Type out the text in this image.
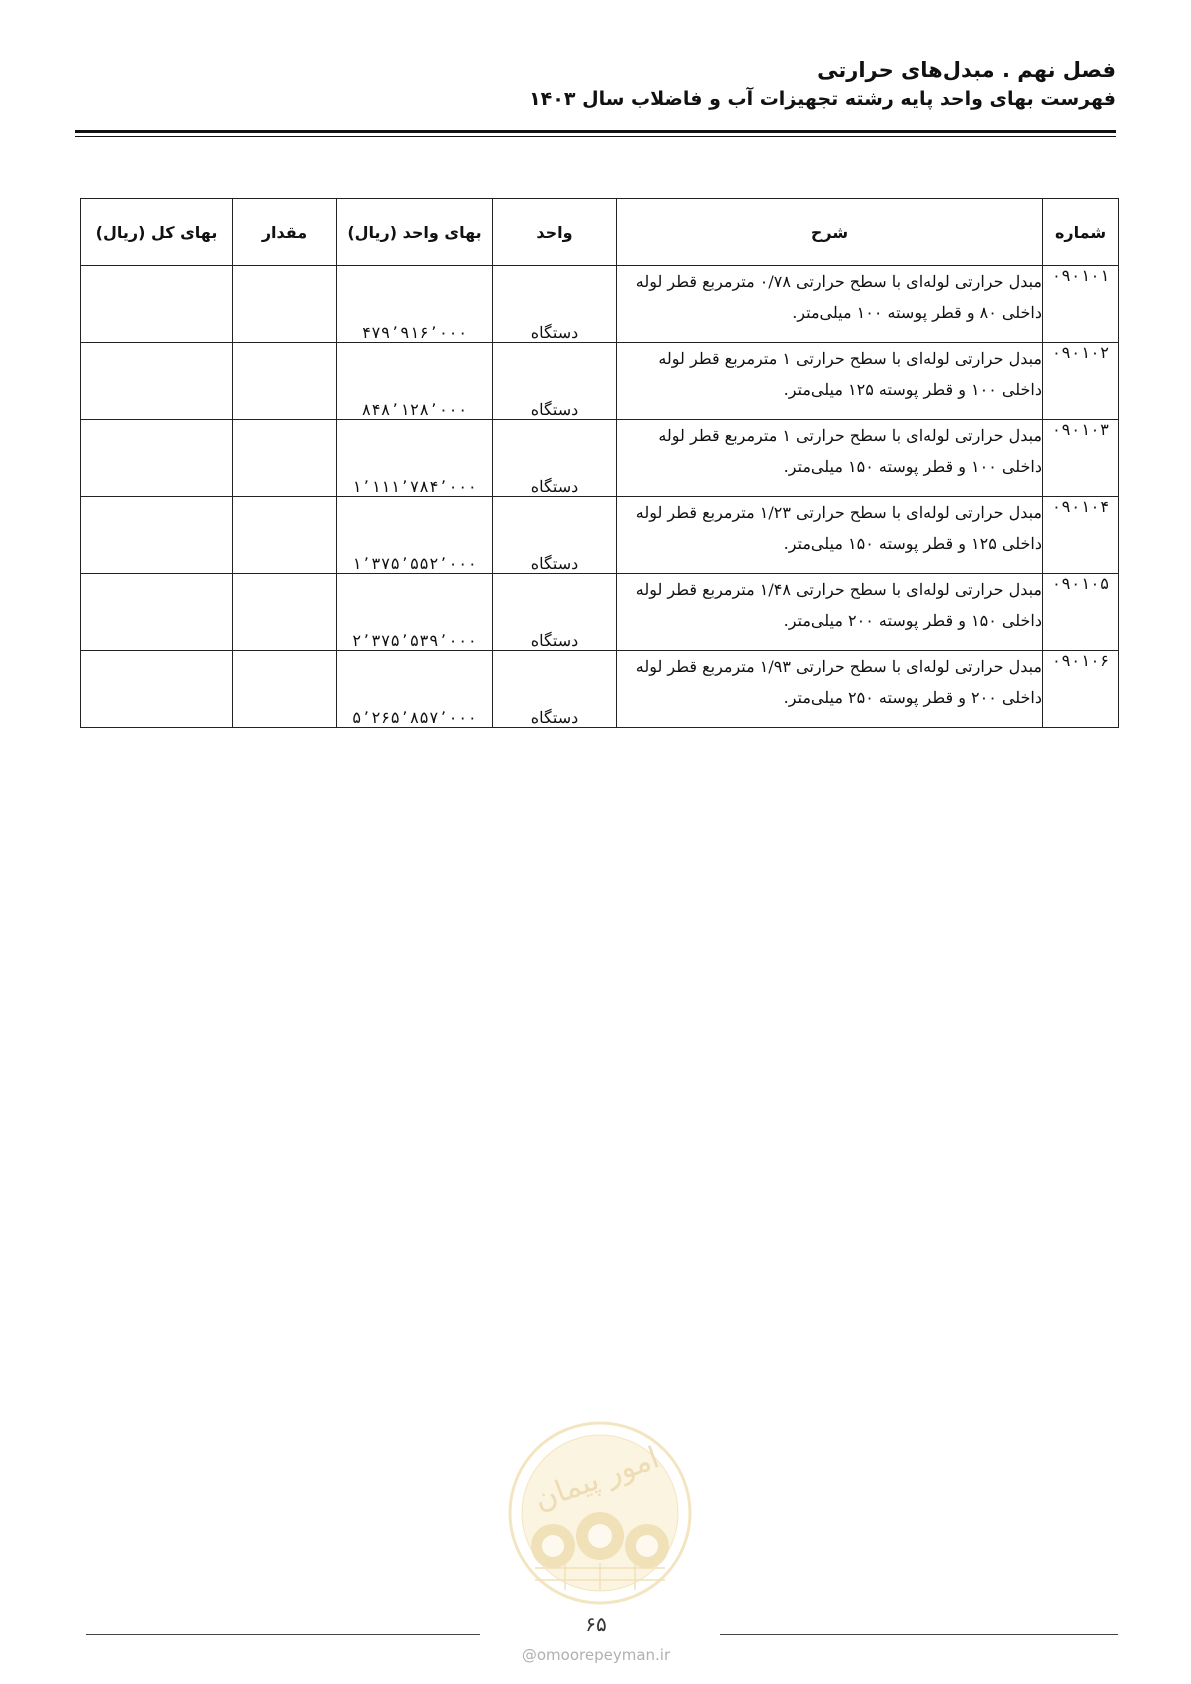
فصل نهم . مبدل‌های حرارتی
فهرست بهای واحد پایه رشته تجهیزات آب و فاضلاب سال ۱۴۰۳
شماره	شرح	واحد	بهای واحد (ریال)	مقدار	بهای کل (ریال)
۰۹۰۱۰۱	مبدل حرارتی لوله‌ای با سطح حرارتی ۰/۷۸ مترمربع قطر لوله داخلی ۸۰ و قطر پوسته ۱۰۰ میلی‌متر.	دستگاه	۴۷۹٬۹۱۶٬۰۰۰		
۰۹۰۱۰۲	مبدل حرارتی لوله‌ای با سطح حرارتی ۱ مترمربع قطر لوله داخلی ۱۰۰ و قطر پوسته ۱۲۵ میلی‌متر.	دستگاه	۸۴۸٬۱۲۸٬۰۰۰		
۰۹۰۱۰۳	مبدل حرارتی لوله‌ای با سطح حرارتی ۱ مترمربع قطر لوله داخلی ۱۰۰ و قطر پوسته ۱۵۰ میلی‌متر.	دستگاه	۱٬۱۱۱٬۷۸۴٬۰۰۰		
۰۹۰۱۰۴	مبدل حرارتی لوله‌ای با سطح حرارتی ۱/۲۳ مترمربع قطر لوله داخلی ۱۲۵ و قطر پوسته ۱۵۰ میلی‌متر.	دستگاه	۱٬۳۷۵٬۵۵۲٬۰۰۰		
۰۹۰۱۰۵	مبدل حرارتی لوله‌ای با سطح حرارتی ۱/۴۸ مترمربع قطر لوله داخلی ۱۵۰ و قطر پوسته ۲۰۰ میلی‌متر.	دستگاه	۲٬۳۷۵٬۵۳۹٬۰۰۰		
۰۹۰۱۰۶	مبدل حرارتی لوله‌ای با سطح حرارتی ۱/۹۳ مترمربع قطر لوله داخلی ۲۰۰ و قطر پوسته ۲۵۰ میلی‌متر.	دستگاه	۵٬۲۶۵٬۸۵۷٬۰۰۰		
امور پیمان
۶۵
@omoorepeyman.ir
